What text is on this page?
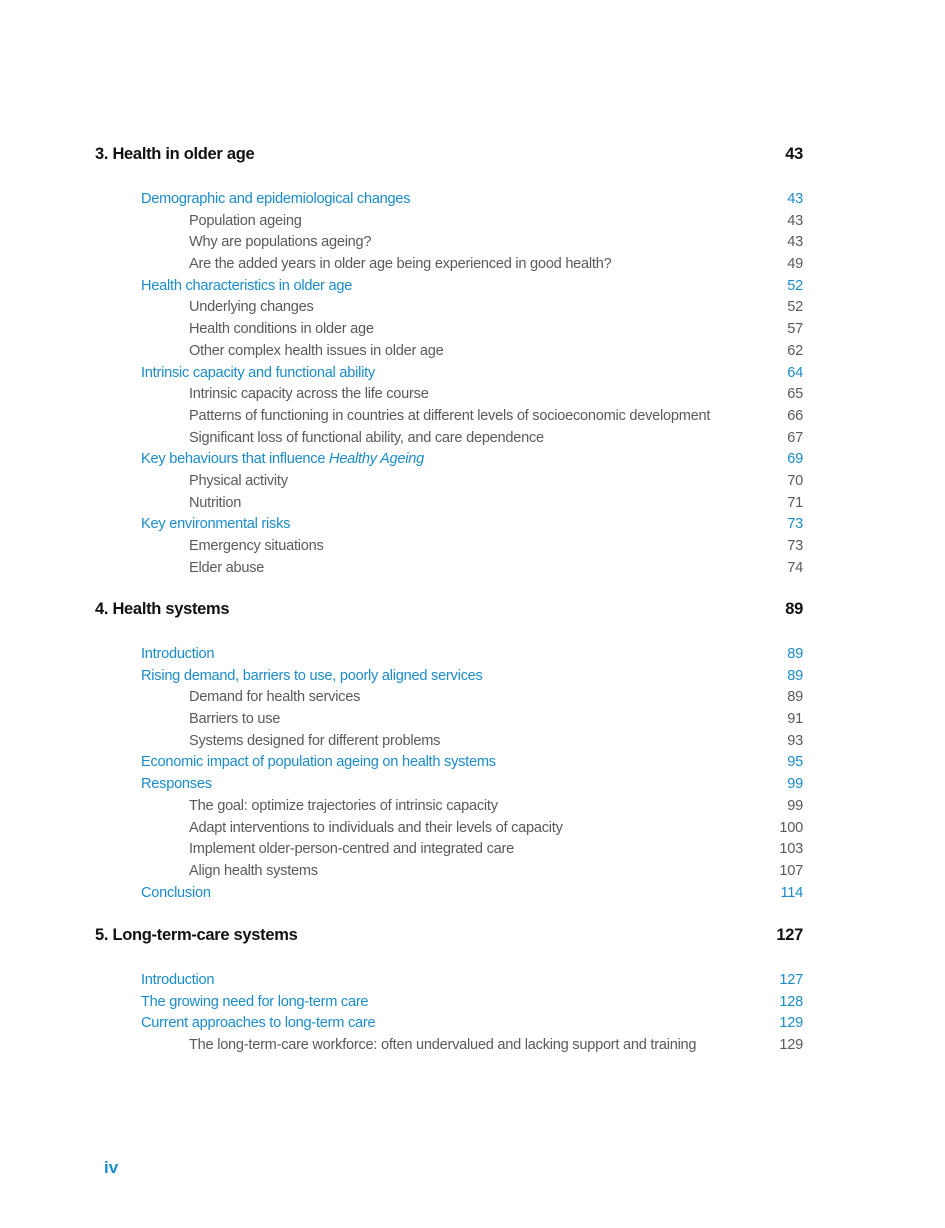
3. Health in older age	43
Demographic and epidemiological changes	43
Population ageing	43
Why are populations ageing?	43
Are the added years in older age being experienced in good health?	49
Health characteristics in older age	52
Underlying changes	52
Health conditions in older age	57
Other complex health issues in older age	62
Intrinsic capacity and functional ability	64
Intrinsic capacity across the life course	65
Patterns of functioning in countries at different levels of socioeconomic development	66
Significant loss of functional ability, and care dependence	67
Key behaviours that influence Healthy Ageing	69
Physical activity	70
Nutrition	71
Key environmental risks	73
Emergency situations	73
Elder abuse	74
4. Health systems	89
Introduction	89
Rising demand, barriers to use, poorly aligned services	89
Demand for health services	89
Barriers to use	91
Systems designed for different problems	93
Economic impact of population ageing on health systems	95
Responses	99
The goal: optimize trajectories of intrinsic capacity	99
Adapt interventions to individuals and their levels of capacity	100
Implement older-person-centred and integrated care	103
Align health systems	107
Conclusion	114
5. Long-term-care systems	127
Introduction	127
The growing need for long-term care	128
Current approaches to long-term care	129
The long-term-care workforce: often undervalued and lacking support and training	129
iv
